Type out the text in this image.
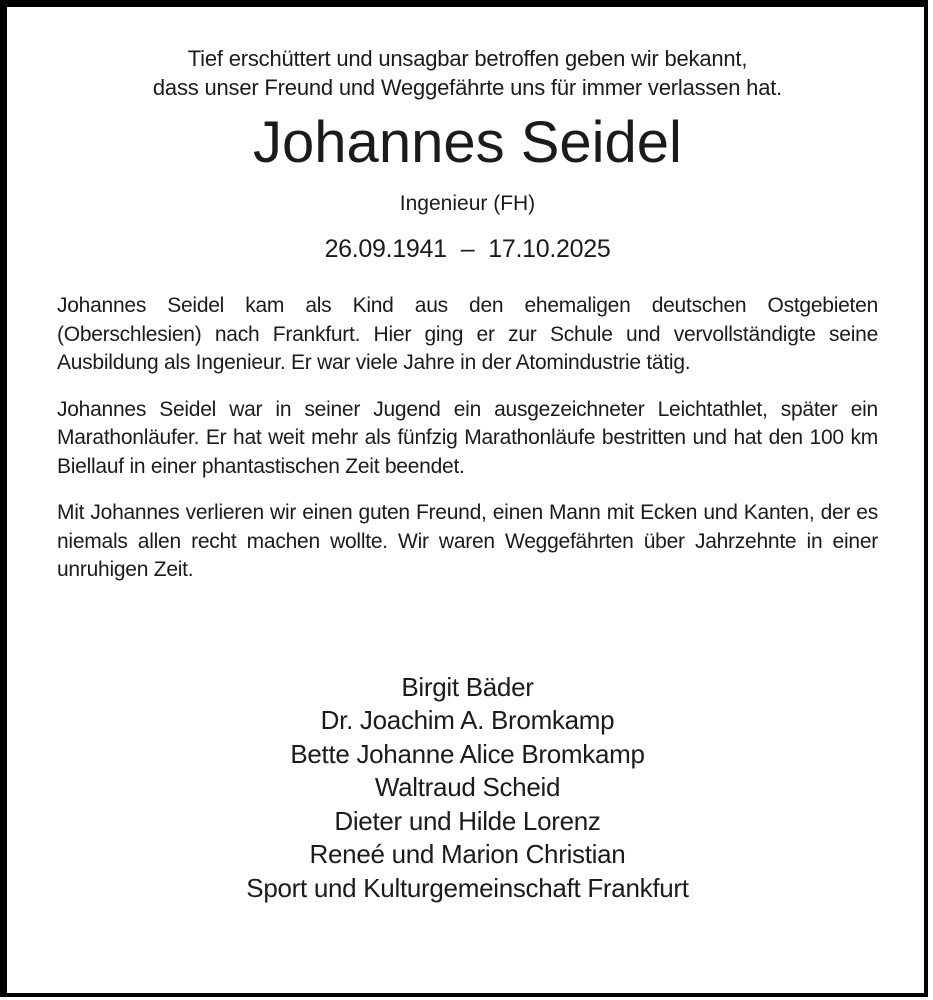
Tief erschüttert und unsagbar betroffen geben wir bekannt,
dass unser Freund und Weggefährte uns für immer verlassen hat.
Johannes Seidel
Ingenieur (FH)
26.09.1941 – 17.10.2025

Johannes Seidel kam als Kind aus den ehemaligen deutschen Ostgebieten (Oberschlesien) nach Frankfurt. Hier ging er zur Schule und vervollständigte seine Ausbildung als Ingenieur. Er war viele Jahre in der Atomindustrie tätig.

Johannes Seidel war in seiner Jugend ein ausgezeichneter Leichtathlet, später ein Marathonläufer. Er hat weit mehr als fünfzig Marathonläufe bestritten und hat den 100 km Biellauf in einer phantastischen Zeit beendet.

Mit Johannes verlieren wir einen guten Freund, einen Mann mit Ecken und Kanten, der es niemals allen recht machen wollte. Wir waren Weggefährten über Jahrzehnte in einer unruhigen Zeit.

Birgit Bäder
Dr. Joachim A. Bromkamp
Bette Johanne Alice Bromkamp
Waltraud Scheid
Dieter und Hilde Lorenz
Reneé und Marion Christian
Sport und Kulturgemeinschaft Frankfurt
